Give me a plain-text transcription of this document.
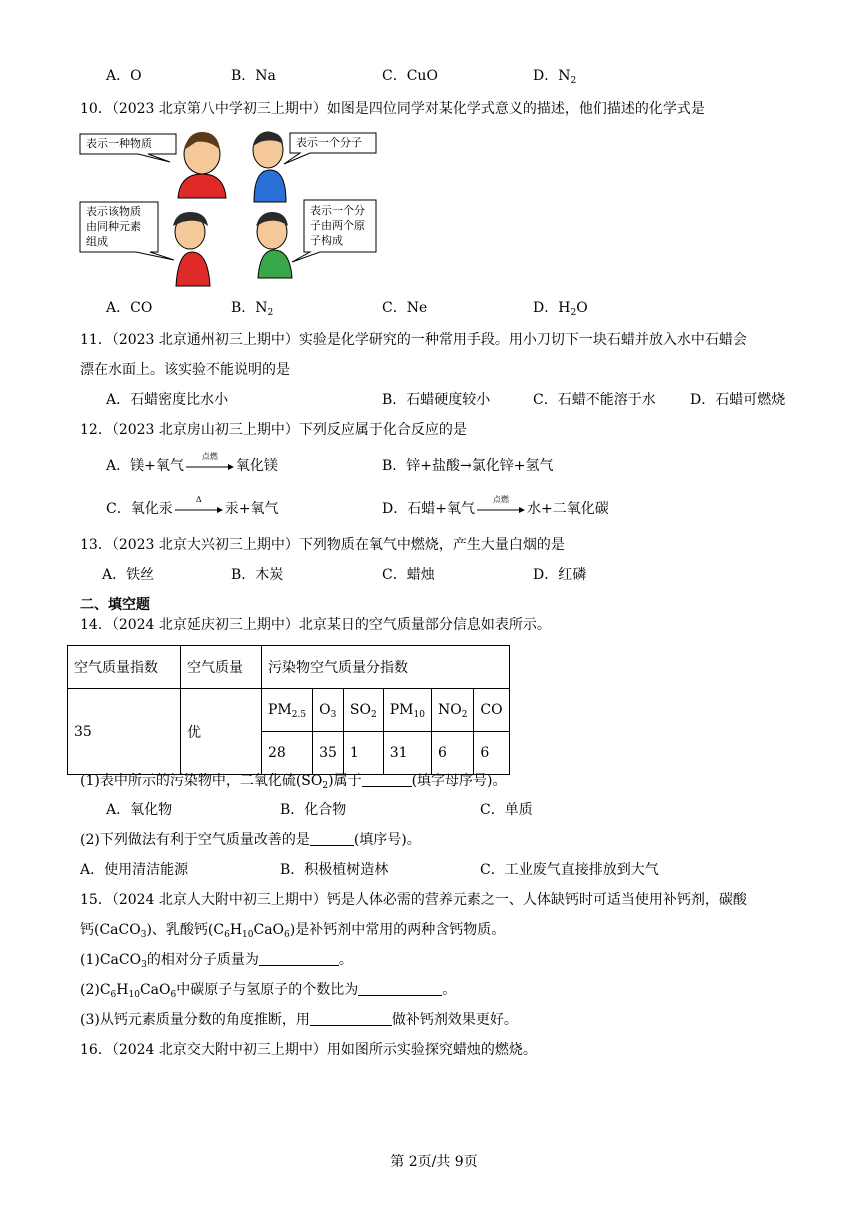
A．O	B．Na	C．CuO	D．$N_2$
10．（2023 北京第八中学初三上期中）如图是四位同学对某化学式意义的描述，他们描述的化学式是
表示一种物质	表示一个分子
表示该物质
由同种元素
组成
表示一个分
子由两个原
子构成
A．CO	B．$N_2$	C．Ne	D．$H_2O$
11．（2023 北京通州初三上期中）实验是化学研究的一种常用手段。用小刀切下一块石蜡并放入水中石蜡会
漂在水面上。该实验不能说明的是
A．石蜡密度比水小	B．石蜡硬度较小	C．石蜡不能溶于水 D．石蜡可燃烧
12．（2023 北京房山初三上期中）下列反应属于化合反应的是
A．镁+氧气
点燃
氧化镁	B．锌+盐酸→氯化锌+氢气
C．氧化汞
Δ
汞+氧气	D．石蜡+氧气
点燃
水+二氧化碳
13．（2023 北京大兴初三上期中）下列物质在氧气中燃烧，产生大量白烟的是
A．铁丝	B．木炭	C．蜡烛	D．红磷
二、填空题
14．（2024 北京延庆初三上期中）北京某日的空气质量部分信息如表所示。
空气质量指数	空气质量	污染物空气质量分指数					
35	优	$PM_{2.5}$	$O_3$	$SO_2$	$PM_{10}$	$NO_2$	CO
		28	35	1	31	6	6
(1)表中所示的污染物中，二氧化硫$(SO_2)$属于	(填字母序号)。
A．氧化物	B．化合物	C．单质
(2)下列做法有利于空气质量改善的是	(填序号)。
A．使用清洁能源	B．积极植树造林	C．工业废气直接排放到大气
15．（2024 北京人大附中初三上期中）钙是人体必需的营养元素之一、人体缺钙时可适当使用补钙剂，碳酸
钙(CaCO$_3$)、乳酸钙$(C_6H_{10}CaO_6)$是补钙剂中常用的两种含钙物质。
(1)CaCO$_3$的相对分子质量为	。
$(2)C_6H_{10}CaO_6$中碳原子与氢原子的个数比为	。
(3)从钙元素质量分数的角度推断，用	做补钙剂效果更好。
16．（2024 北京交大附中初三上期中）用如图所示实验探究蜡烛的燃烧。
第 2页/共 9页
